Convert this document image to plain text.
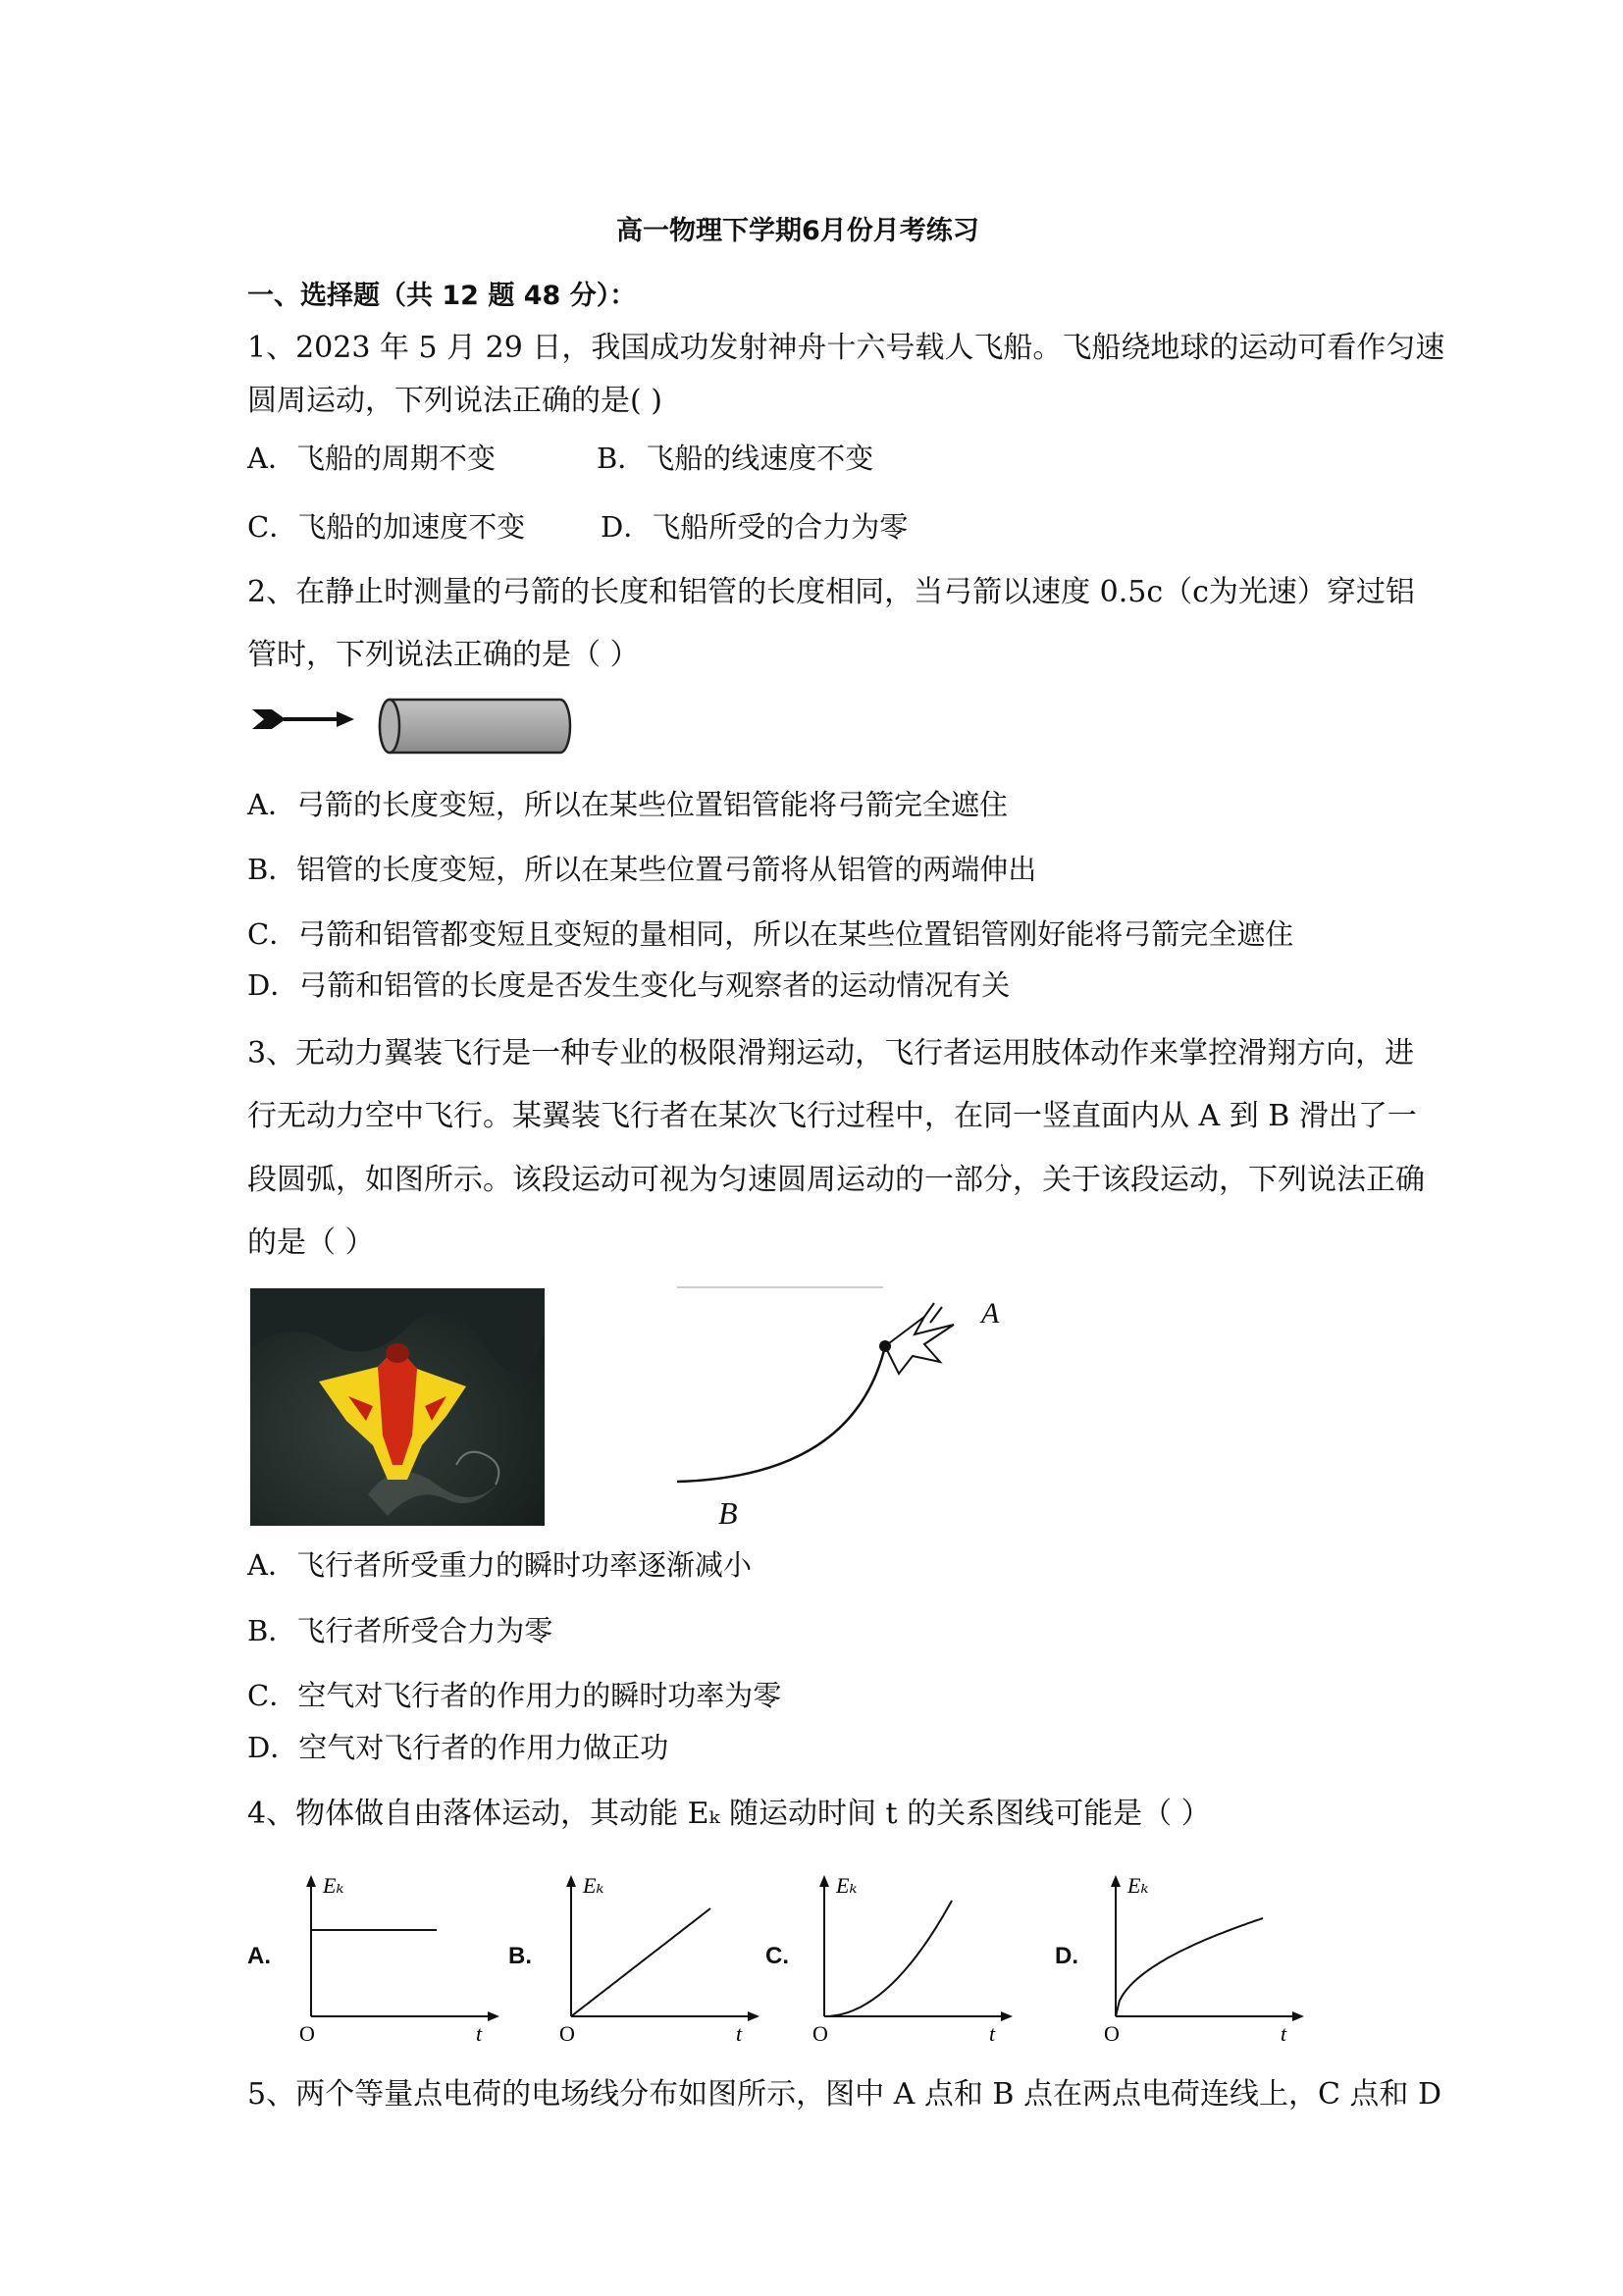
高一物理下学期6月份月考练习
一、选择题（共 12 题 48 分）：
1、2023 年 5 月 29 日，我国成功发射神舟十六号载人飞船。飞船绕地球的运动可看作匀速
圆周运动，下列说法正确的是( )
A．飞船的周期不变	B．飞船的线速度不变
C．飞船的加速度不变	D．飞船所受的合力为零
2、在静止时测量的弓箭的长度和铝管的长度相同，当弓箭以速度 0.5c（c为光速）穿过铝
管时，下列说法正确的是（ ）
A．弓箭的长度变短，所以在某些位置铝管能将弓箭完全遮住
B．铝管的长度变短，所以在某些位置弓箭将从铝管的两端伸出
C．弓箭和铝管都变短且变短的量相同，所以在某些位置铝管刚好能将弓箭完全遮住
D．弓箭和铝管的长度是否发生变化与观察者的运动情况有关
3、无动力翼装飞行是一种专业的极限滑翔运动，飞行者运用肢体动作来掌控滑翔方向，进
行无动力空中飞行。某翼装飞行者在某次飞行过程中，在同一竖直面内从 A 到 B 滑出了一
段圆弧，如图所示。该段运动可视为匀速圆周运动的一部分，关于该段运动，下列说法正确
的是（ ）
A
B
A．飞行者所受重力的瞬时功率逐渐减小
B．飞行者所受合力为零
C．空气对飞行者的作用力的瞬时功率为零
D．空气对飞行者的作用力做正功
4、物体做自由落体运动，其动能 Eₖ 随运动时间 t 的关系图线可能是（ ）
A.
Eₖ
O	t
B.
Eₖ
O	t
C.
Eₖ
O	t
D.
Eₖ
O	t
5、两个等量点电荷的电场线分布如图所示，图中 A 点和 B 点在两点电荷连线上，C 点和 D
